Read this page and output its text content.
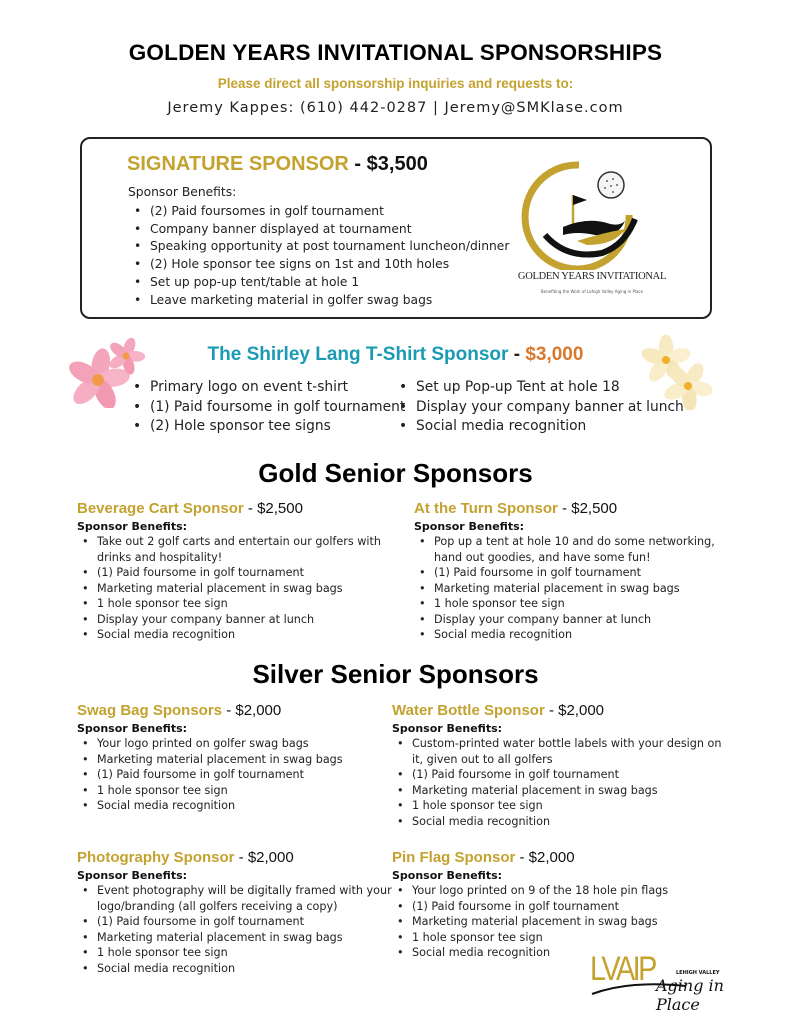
GOLDEN YEARS INVITATIONAL SPONSORSHIPS
Please direct all sponsorship inquiries and requests to:
Jeremy Kappes: (610) 442-0287 | Jeremy@SMKlase.com
SIGNATURE SPONSOR - $3,500
Sponsor Benefits:
• (2) Paid foursomes in golf tournament
• Company banner displayed at tournament
• Speaking opportunity at post tournament luncheon/dinner
• (2) Hole sponsor tee signs on 1st and 10th holes
• Set up pop-up tent/table at hole 1
• Leave marketing material in golfer swag bags
GOLDEN YEARS INVITATIONAL
Benefiting the Work of Lehigh Valley Aging in Place
The Shirley Lang T-Shirt Sponsor - $3,000
• Primary logo on event t-shirt
• (1) Paid foursome in golf tournament
• (2) Hole sponsor tee signs
• Set up Pop-up Tent at hole 18
• Display your company banner at lunch
• Social media recognition
Gold Senior Sponsors
Beverage Cart Sponsor - $2,500
Sponsor Benefits:
• Take out 2 golf carts and entertain our golfers with drinks and hospitality!
• (1) Paid foursome in golf tournament
• Marketing material placement in swag bags
• 1 hole sponsor tee sign
• Display your company banner at lunch
• Social media recognition
At the Turn Sponsor - $2,500
Sponsor Benefits:
• Pop up a tent at hole 10 and do some networking, hand out goodies, and have some fun!
• (1) Paid foursome in golf tournament
• Marketing material placement in swag bags
• 1 hole sponsor tee sign
• Display your company banner at lunch
• Social media recognition
Silver Senior Sponsors
Swag Bag Sponsors - $2,000
Sponsor Benefits:
• Your logo printed on golfer swag bags
• Marketing material placement in swag bags
• (1) Paid foursome in golf tournament
• 1 hole sponsor tee sign
• Social media recognition
Water Bottle Sponsor - $2,000
Sponsor Benefits:
• Custom-printed water bottle labels with your design on it, given out to all golfers
• (1) Paid foursome in golf tournament
• Marketing material placement in swag bags
• 1 hole sponsor tee sign
• Social media recognition
Photography Sponsor - $2,000
Sponsor Benefits:
• Event photography will be digitally framed with your logo/branding (all golfers receiving a copy)
• (1) Paid foursome in golf tournament
• Marketing material placement in swag bags
• 1 hole sponsor tee sign
• Social media recognition
Pin Flag Sponsor - $2,000
Sponsor Benefits:
• Your logo printed on 9 of the 18 hole pin flags
• (1) Paid foursome in golf tournament
• Marketing material placement in swag bags
• 1 hole sponsor tee sign
• Social media recognition	LVAIP	LEHIGH VALLEY
Aging in Place
